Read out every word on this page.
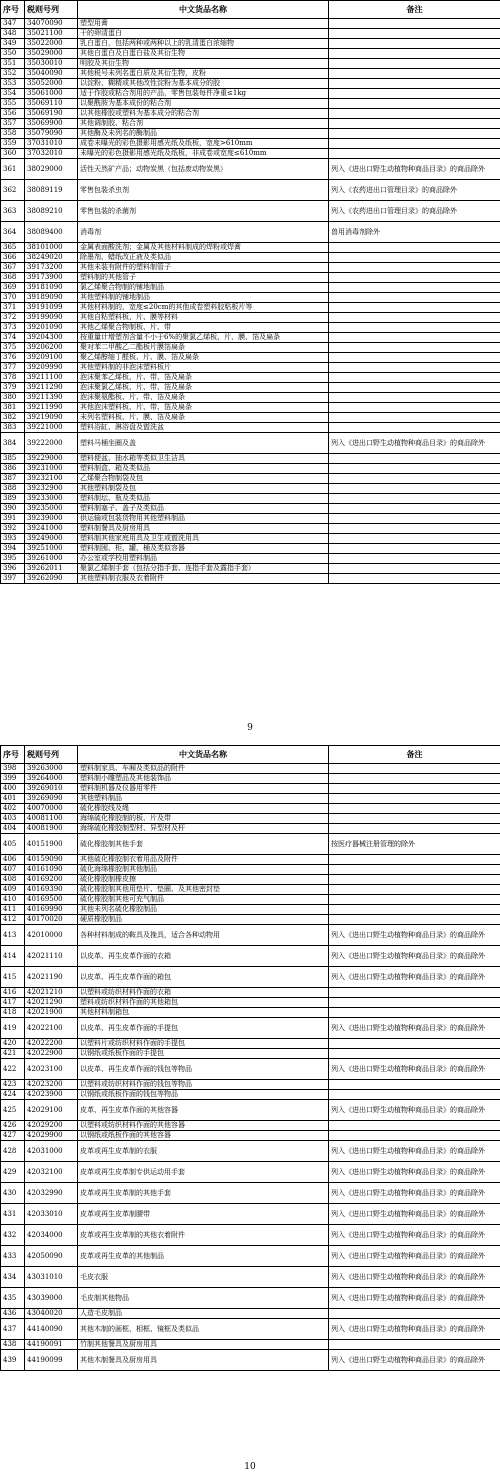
序号	税则号列	中文货品名称	备注
347	34070090	塑型用膏	
348	35021100	干的卵清蛋白	
349	35022000	乳白蛋白，包括两种或两种以上的乳清蛋白浓缩物	
350	35029000	其他白蛋白及白蛋白盐及其衍生物	
351	35030010	明胶及其衍生物	
352	35040090	其他税号未列名蛋白质及其衍生物，皮粉	
353	35052000	以淀粉、糊精或其他改性淀粉为基本成分的胶	
354	35061000	适于作胶或粘合剂用的产品，零售包装每件净重≤1kg	
355	35069110	以聚酰胺为基本成份的粘合剂	
356	35069190	以其他橡胶或塑料为基本成分的粘合剂	
357	35069900	其他调制胶、粘合剂	
358	35079090	其他酶及未列名的酶制品	
359	37031010	成卷未曝光的彩色摄影用感光纸及纸板，宽度>610mm	
360	37032010	未曝光的彩色摄影用感光纸及纸板，非成卷或宽度≤610mm	
361	38029000	活性天然矿产品；动物炭黑（包括废动物炭黑）	列入《进出口野生动植物种商品目录》的商品除外
362	38089119	零售包装杀虫剂	列入《农药进出口管理目录》的商品除外
363	38089210	零售包装的杀菌剂	列入《农药进出口管理目录》的商品除外
364	38089400	消毒剂	兽用消毒剂除外
365	38101000	金属表面酸洗剂；金属及其他材料制成的焊粉或焊膏	
366	38249020	除墨剂、蜡纸改正液及类似品	
367	39173200	其他未装有附件的塑料制管子	
368	39173900	塑料制的其他管子	
369	39181090	氯乙烯聚合物制的铺地制品	
370	39189090	其他塑料制的铺地制品	
371	39191099	其他材料制的，宽度≤20cm的其他成卷塑料胶粘板片等	
372	39199090	其他自粘塑料板、片、膜等材料	
373	39201090	其他乙烯聚合物制板、片、带	
374	39204300	按重量计增塑剂含量不小于6%的聚氯乙烯板、片、膜、箔及扁条	
375	39206200	聚对苯二甲酸乙二酯板片膜箔扁条	
376	39209100	聚乙烯醇缩丁醛板、片、膜、箔及扁条	
377	39209990	其他塑料制的非泡沫塑料板片	
378	39211100	泡沫聚苯乙烯板、片、带、箔及扁条	
379	39211290	泡沫聚氯乙烯板、片、带、箔及扁条	
380	39211390	泡沫聚氨酯板、片、带、箔及扁条	
381	39211990	其他泡沫塑料板、片、带、箔及扁条	
382	39219090	未列名塑料板、片、膜、箔及扁条	
383	39221000	塑料浴缸、淋浴盘及盥洗盆	
384	39222000	塑料马桶坐圈及盖	列入《进出口野生动植物种商品目录》的商品除外
385	39229000	塑料便盆、抽水箱等类似卫生洁具	
386	39231000	塑料制盒、箱及类似品	
387	39232100	乙烯聚合物制袋及包	
388	39232900	其他塑料制袋及包	
389	39233000	塑料制坛、瓶及类似品	
390	39235000	塑料制塞子、盖子及类似品	
391	39239000	供运输或包装货物用其他塑料制品	
392	39241000	塑料制餐具及厨房用具	
393	39249000	塑料制其他家庭用具及卫生或盥洗用具	
394	39251000	塑料制囤、柜、罐、桶及类似容器	
395	39261000	办公室或学校用塑料制品	
396	39262011	聚氯乙烯制手套（包括分指手套、连指手套及露指手套）	
397	39262090	其他塑料制衣服及衣着附件	
9
序号	税则号列	中文货品名称	备注
398	39263000	塑料制家具、车厢及类似品的附件	
399	39264000	塑料制小雕塑品及其他装饰品	
400	39269010	塑料制机器及仪器用零件	
401	39269090	其他塑料制品	
402	40070000	硫化橡胶线及绳	
403	40081100	海绵硫化橡胶制的板、片及带	
404	40081900	海绵硫化橡胶制型材、异型材及杆	
405	40151900	硫化橡胶制其他手套	按医疗器械注册管理的除外
406	40159090	其他硫化橡胶制衣着用品及附件	
407	40161090	硫化海绵橡胶制其他制品	
408	40169200	硫化橡胶制橡皮擦	
409	40169390	硫化橡胶制其他用垫片、垫圈、及其他密封垫	
410	40169500	硫化橡胶制其他可充气制品	
411	40169990	其他未列名硫化橡胶制品	
412	40170020	硬质橡胶制品	
413	42010000	各种材料制成的鞍具及挽具，适合各种动物用	列入《进出口野生动植物种商品目录》的商品除外
414	42021110	以皮革、再生皮革作面的衣箱	列入《进出口野生动植物种商品目录》的商品除外
415	42021190	以皮革、再生皮革作面的箱包	列入《进出口野生动植物种商品目录》的商品除外
416	42021210	以塑料或纺织材料作面的衣箱	
417	42021290	塑料或纺织材料作面的其他箱包	
418	42021900	其他材料制箱包	
419	42022100	以皮革、再生皮革作面的手提包	列入《进出口野生动植物种商品目录》的商品除外
420	42022200	以塑料片或纺织材料作面的手提包	
421	42022900	以钢纸或纸板作面的手提包	
422	42023100	以皮革、再生皮革作面的钱包等物品	列入《进出口野生动植物种商品目录》的商品除外
423	42023200	以塑料或纺织材料作面的钱包等物品	
424	42023900	以钢纸或纸板作面的钱包等物品	
425	42029100	皮革、再生皮革作面的其他容器	列入《进出口野生动植物种商品目录》的商品除外
426	42029200	以塑料或纺织材料作面的其他容器	
427	42029900	以钢纸或纸板作面的其他容器	
428	42031000	皮革或再生皮革制的衣服	列入《进出口野生动植物种商品目录》的商品除外
429	42032100	皮革或再生皮革制专供运动用手套	列入《进出口野生动植物种商品目录》的商品除外
430	42032990	皮革或再生皮革制的其他手套	列入《进出口野生动植物种商品目录》的商品除外
431	42033010	皮革或再生皮革制腰带	列入《进出口野生动植物种商品目录》的商品除外
432	42034000	皮革或再生皮革制的其他衣着附件	列入《进出口野生动植物种商品目录》的商品除外
433	42050090	皮革或再生皮革的其他制品	列入《进出口野生动植物种商品目录》的商品除外
434	43031010	毛皮衣服	列入《进出口野生动植物种商品目录》的商品除外
435	43039000	毛皮制其他物品	列入《进出口野生动植物种商品目录》的商品除外
436	43040020	人造毛皮制品	
437	44140090	其他木制的画框、相框、镜框及类似品	列入《进出口野生动植物种商品目录》的商品除外
438	44190091	竹制其他餐具及厨房用具	
439	44190099	其他木制餐具及厨房用具	列入《进出口野生动植物种商品目录》的商品除外
10
